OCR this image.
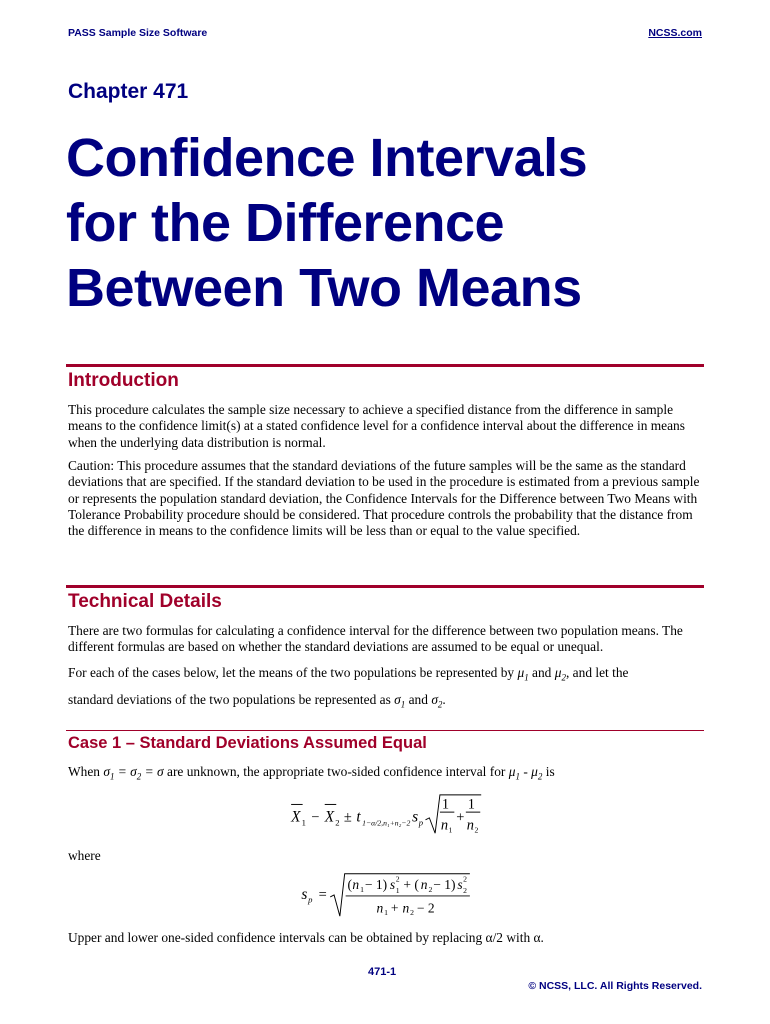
PASS Sample Size Software	NCSS.com
Chapter 471
Confidence Intervals
for the Difference
Between Two Means
Introduction

This procedure calculates the sample size necessary to achieve a specified distance from the difference in sample means to the confidence limit(s) at a stated confidence level for a confidence interval about the difference in means when the underlying data distribution is normal.

Caution: This procedure assumes that the standard deviations of the future samples will be the same as the standard deviations that are specified. If the standard deviation to be used in the procedure is estimated from a previous sample or represents the population standard deviation, the Confidence Intervals for the Difference between Two Means with Tolerance Probability procedure should be considered. That procedure controls the probability that the distance from the difference in means to the confidence limits will be less than or equal to the value specified.

Technical Details

There are two formulas for calculating a confidence interval for the difference between two population means. The different formulas are based on whether the standard deviations are assumed to be equal or unequal.

For each of the cases below, let the means of the two populations be represented by $\mu_1$ and $\mu_2$, and let the
standard deviations of the two populations be represented as $\sigma_1$ and $\sigma_2$.

Case 1 – Standard Deviations Assumed Equal

When $\sigma_1 = \sigma_2 = \sigma$ are unknown, the appropriate two-sided confidence interval for $\mu_1 - \mu_2$ is

X 1 − X 2 ± t 1−α/2,n₁+n₂−2 s p
1
n 1
+
1
n 2

where

s p =
( n 1 − 1) s 2
1 + ( n 2 − 1) s 2
2
n 1 + n 2 − 2

Upper and lower one-sided confidence intervals can be obtained by replacing α/2 with α.

471-1
© NCSS, LLC. All Rights Reserved.
